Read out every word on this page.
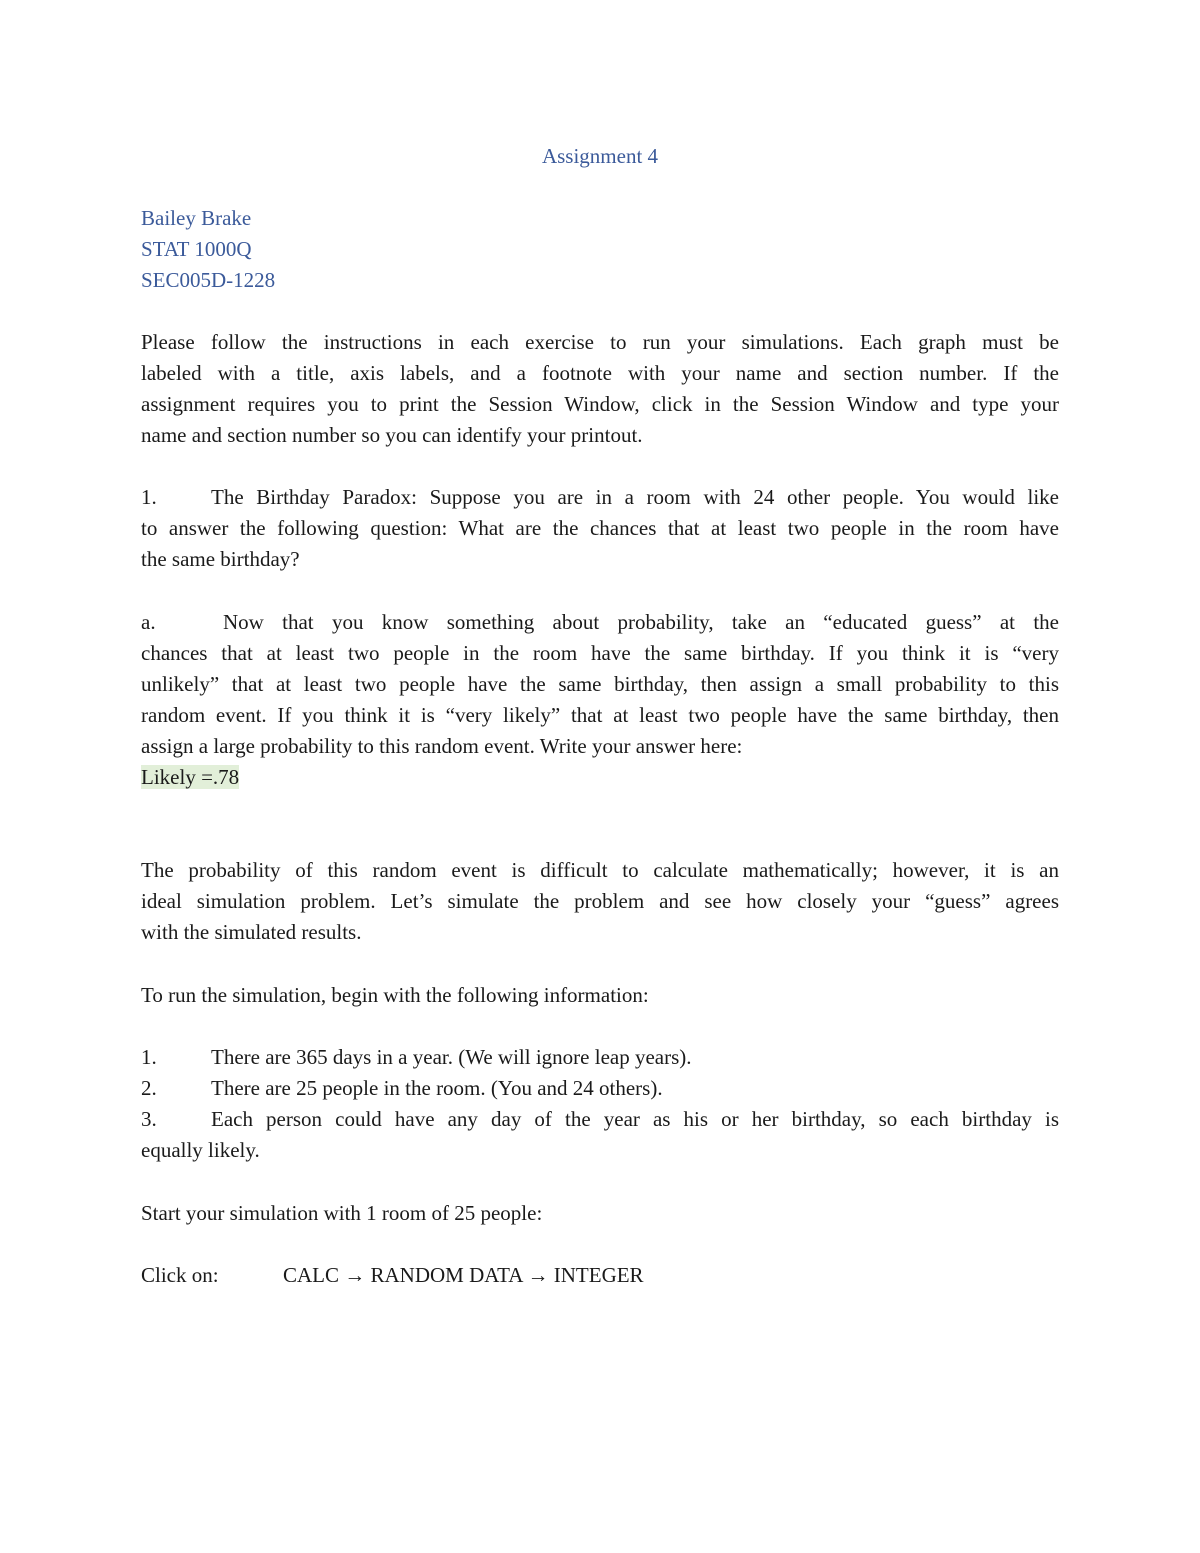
Assignment 4
Bailey Brake
STAT 1000Q
SEC005D-1228
Please follow the instructions in each exercise to run your simulations. Each graph must be
labeled with a title, axis labels, and a footnote with your name and section number. If the
assignment requires you to print the Session Window, click in the Session Window and type your
name and section number so you can identify your printout.
1.	The Birthday Paradox: Suppose you are in a room with 24 other people. You would like
to answer the following question: What are the chances that at least two people in the room have
the same birthday?
a.	Now that you know something about probability, take an “educated guess” at the
chances that at least two people in the room have the same birthday. If you think it is “very
unlikely” that at least two people have the same birthday, then assign a small probability to this
random event. If you think it is “very likely” that at least two people have the same birthday, then
assign a large probability to this random event. Write your answer here:
Likely =.78
The probability of this random event is difficult to calculate mathematically; however, it is an
ideal simulation problem. Let’s simulate the problem and see how closely your “guess” agrees
with the simulated results.
To run the simulation, begin with the following information:
1.	There are 365 days in a year. (We will ignore leap years).
2.	There are 25 people in the room. (You and 24 others).
3.	Each person could have any day of the year as his or her birthday, so each birthday is
equally likely.
Start your simulation with 1 room of 25 people:
Click on:	CALC → RANDOM DATA → INTEGER
